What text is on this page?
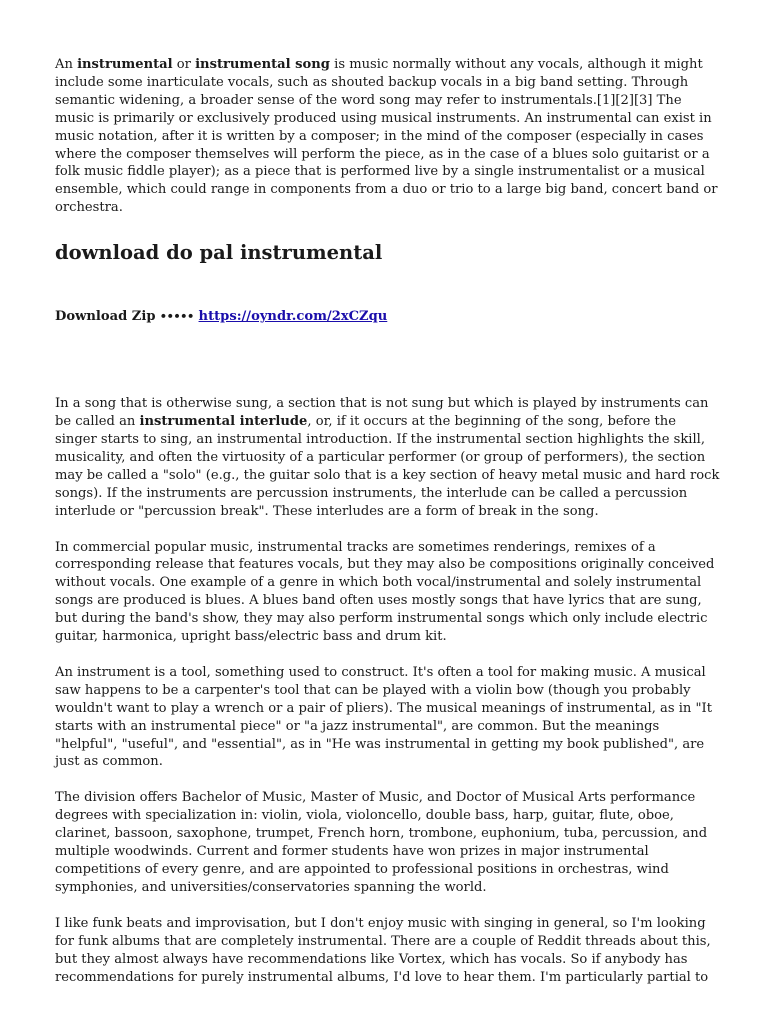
An instrumental or instrumental song is music normally without any vocals, although it might include some inarticulate vocals, such as shouted backup vocals in a big band setting. Through semantic widening, a broader sense of the word song may refer to instrumentals.[1][2][3] The music is primarily or exclusively produced using musical instruments. An instrumental can exist in music notation, after it is written by a composer; in the mind of the composer (especially in cases where the composer themselves will perform the piece, as in the case of a blues solo guitarist or a folk music fiddle player); as a piece that is performed live by a single instrumentalist or a musical ensemble, which could range in components from a duo or trio to a large big band, concert band or orchestra.

download do pal instrumental
Download Zip ∙∙∙∙∙ https://oyndr.com/2xCZqu

In a song that is otherwise sung, a section that is not sung but which is played by instruments can be called an instrumental interlude, or, if it occurs at the beginning of the song, before the singer starts to sing, an instrumental introduction. If the instrumental section highlights the skill, musicality, and often the virtuosity of a particular performer (or group of performers), the section may be called a "solo" (e.g., the guitar solo that is a key section of heavy metal music and hard rock songs). If the instruments are percussion instruments, the interlude can be called a percussion interlude or "percussion break". These interludes are a form of break in the song.

In commercial popular music, instrumental tracks are sometimes renderings, remixes of a corresponding release that features vocals, but they may also be compositions originally conceived without vocals. One example of a genre in which both vocal/instrumental and solely instrumental songs are produced is blues. A blues band often uses mostly songs that have lyrics that are sung, but during the band's show, they may also perform instrumental songs which only include electric guitar, harmonica, upright bass/electric bass and drum kit.

An instrument is a tool, something used to construct. It's often a tool for making music. A musical saw happens to be a carpenter's tool that can be played with a violin bow (though you probably wouldn't want to play a wrench or a pair of pliers). The musical meanings of instrumental, as in "It starts with an instrumental piece" or "a jazz instrumental", are common. But the meanings "helpful", "useful", and "essential", as in "He was instrumental in getting my book published", are just as common.

The division offers Bachelor of Music, Master of Music, and Doctor of Musical Arts performance degrees with specialization in: violin, viola, violoncello, double bass, harp, guitar, flute, oboe, clarinet, bassoon, saxophone, trumpet, French horn, trombone, euphonium, tuba, percussion, and multiple woodwinds. Current and former students have won prizes in major instrumental competitions of every genre, and are appointed to professional positions in orchestras, wind symphonies, and universities/conservatories spanning the world.

I like funk beats and improvisation, but I don't enjoy music with singing in general, so I'm looking for funk albums that are completely instrumental. There are a couple of Reddit threads about this, but they almost always have recommendations like Vortex, which has vocals. So if anybody has recommendations for purely instrumental albums, I'd love to hear them. I'm particularly partial to
